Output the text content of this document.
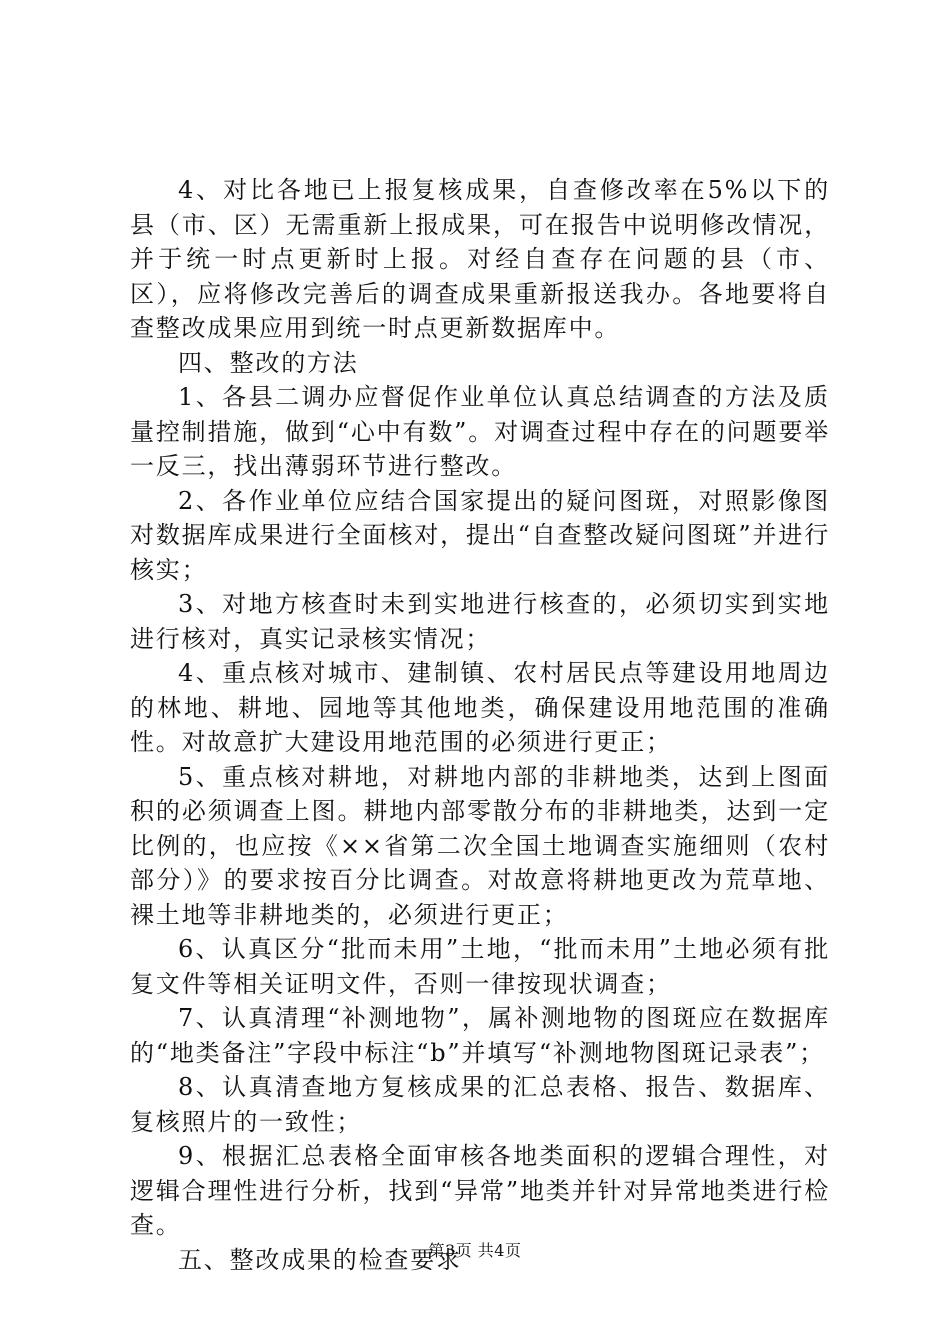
4、对比各地已上报复核成果，自查修改率在5%以下的县（市、区）无需重新上报成果，可在报告中说明修改情况，并于统一时点更新时上报。对经自查存在问题的县（市、区），应将修改完善后的调查成果重新报送我办。各地要将自查整改成果应用到统一时点更新数据库中。

四、整改的方法

1、各县二调办应督促作业单位认真总结调查的方法及质量控制措施，做到“心中有数”。对调查过程中存在的问题要举一反三，找出薄弱环节进行整改。

2、各作业单位应结合国家提出的疑问图斑，对照影像图对数据库成果进行全面核对，提出“自查整改疑问图斑”并进行核实；

3、对地方核查时未到实地进行核查的，必须切实到实地进行核对，真实记录核实情况；

4、重点核对城市、建制镇、农村居民点等建设用地周边的林地、耕地、园地等其他地类，确保建设用地范围的准确性。对故意扩大建设用地范围的必须进行更正；

5、重点核对耕地，对耕地内部的非耕地类，达到上图面积的必须调查上图。耕地内部零散分布的非耕地类，达到一定比例的，也应按《××省第二次全国土地调查实施细则（农村部分）》的要求按百分比调查。对故意将耕地更改为荒草地、裸土地等非耕地类的，必须进行更正；

6、认真区分“批而未用”土地，“批而未用”土地必须有批复文件等相关证明文件，否则一律按现状调查；

7、认真清理“补测地物”，属补测地物的图斑应在数据库的“地类备注”字段中标注“b”并填写“补测地物图斑记录表”；

8、认真清查地方复核成果的汇总表格、报告、数据库、复核照片的一致性；

9、根据汇总表格全面审核各地类面积的逻辑合理性，对逻辑合理性进行分析，找到“异常”地类并针对异常地类进行检查。

五、整改成果的检查要求

第3页 共4页
